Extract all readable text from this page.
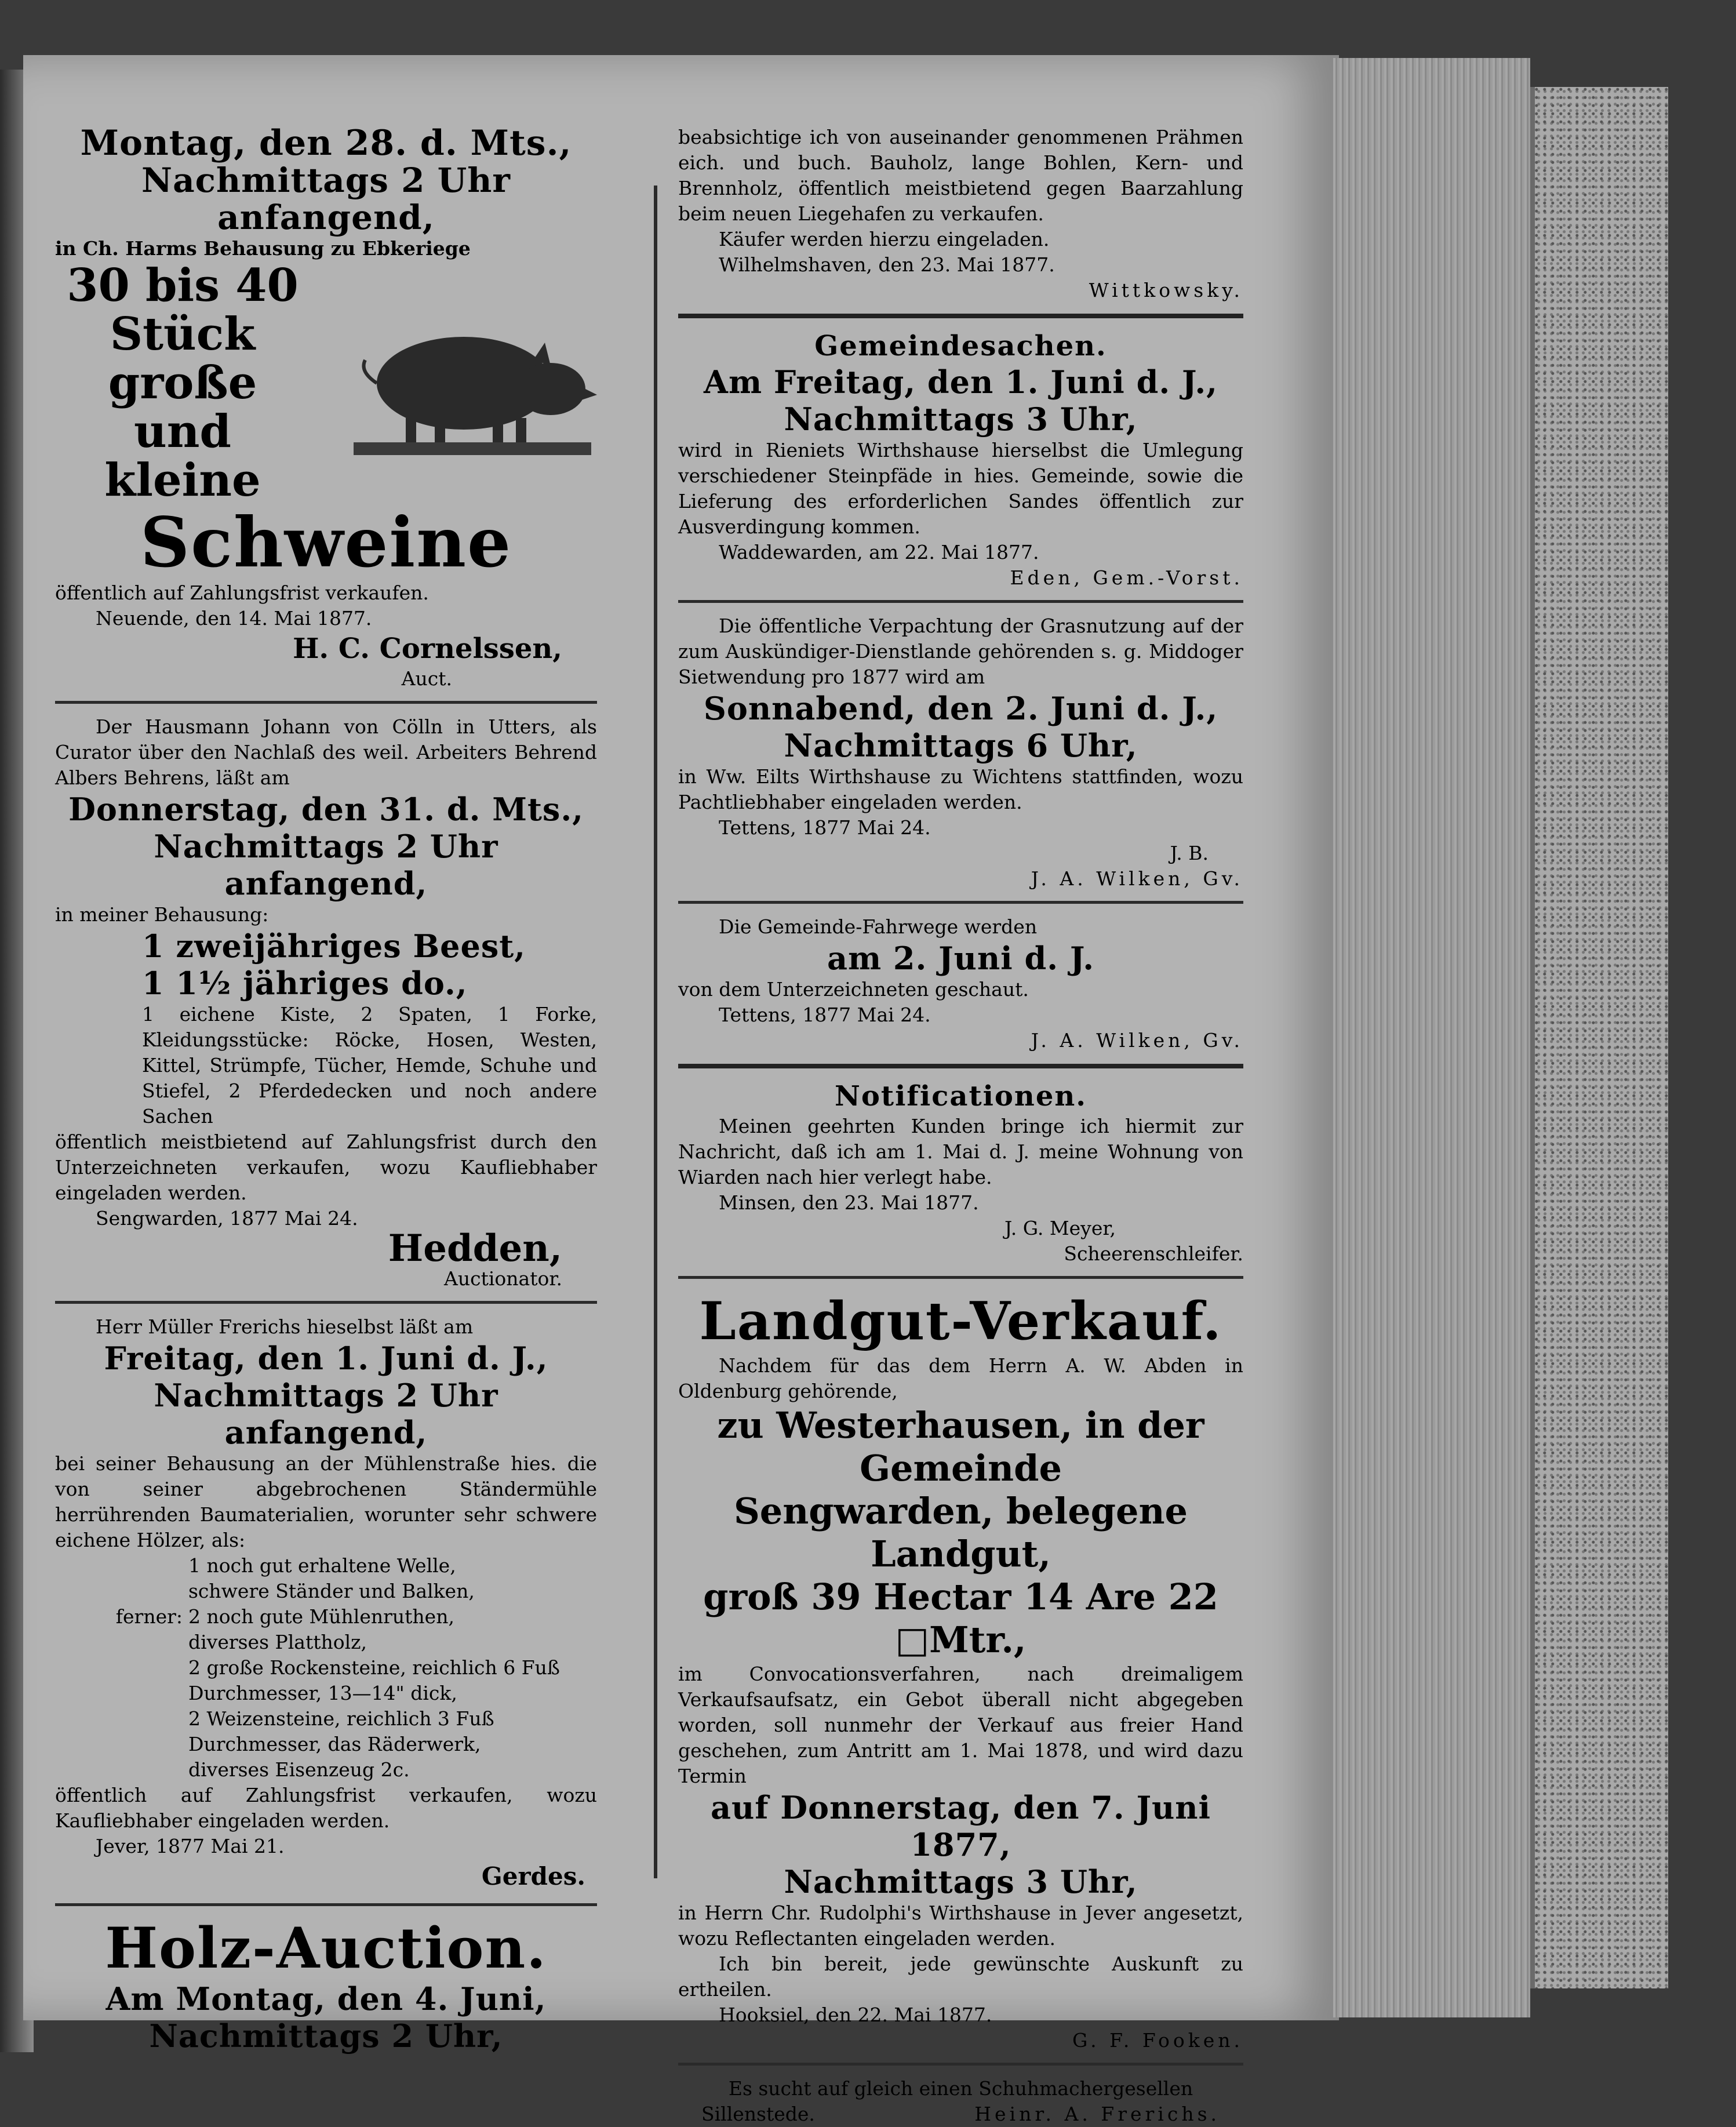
Montag, den 28. d. Mts.,
Nachmittags 2 Uhr anfangend,
in Ch. Harms Behausung zu Ebkeriege
30 bis 40
Stück große
und kleine
Schweine
öffentlich auf Zahlungsfrist verkaufen.
Neuende, den 14. Mai 1877.
H. C. Cornelssen,
Auct.
Der Hausmann Johann von Cölln in Utters, als Curator über den Nachlaß des weil. Arbeiters Behrend Albers Behrens, läßt am
Donnerstag, den 31. d. Mts.,
Nachmittags 2 Uhr anfangend,
in meiner Behausung:
1 zweijähriges Beest,
1 1½ jähriges do.,
1 eichene Kiste, 2 Spaten, 1 Forke, Kleidungsstücke: Röcke, Hosen, Westen, Kittel, Strümpfe, Tücher, Hemde, Schuhe und Stiefel, 2 Pferdedecken und noch andere Sachen
öffentlich meistbietend auf Zahlungsfrist durch den Unterzeichneten verkaufen, wozu Kaufliebhaber eingeladen werden.
Sengwarden, 1877 Mai 24.
Hedden,
Auctionator.
Herr Müller Frerichs hieselbst läßt am
Freitag, den 1. Juni d. J.,
Nachmittags 2 Uhr anfangend,
bei seiner Behausung an der Mühlenstraße hies. die von seiner abgebrochenen Ständermühle herrührenden Baumaterialien, worunter sehr schwere eichene Hölzer, als:
1 noch gut erhaltene Welle,
schwere Ständer und Balken,
ferner: 2 noch gute Mühlenruthen,
diverses Plattholz,
2 große Rockensteine, reichlich 6 Fuß Durchmesser, 13—14" dick,
2 Weizensteine, reichlich 3 Fuß Durchmesser, das Räderwerk,
diverses Eisenzeug 2c.
öffentlich auf Zahlungsfrist verkaufen, wozu Kaufliebhaber eingeladen werden.
Jever, 1877 Mai 21.
Gerdes.
Holz-Auction.
Am Montag, den 4. Juni,
Nachmittags 2 Uhr,
beabsichtige ich von auseinander genommenen Prähmen eich. und buch. Bauholz, lange Bohlen, Kern- und Brennholz, öffentlich meistbietend gegen Baarzahlung beim neuen Liegehafen zu verkaufen.
Käufer werden hierzu eingeladen.
Wilhelmshaven, den 23. Mai 1877.
Wittkowsky.
Gemeindesachen.
Am Freitag, den 1. Juni d. J.,
Nachmittags 3 Uhr,
wird in Rieniets Wirthshause hierselbst die Umlegung verschiedener Steinpfäde in hies. Gemeinde, sowie die Lieferung des erforderlichen Sandes öffentlich zur Ausverdingung kommen.
Waddewarden, am 22. Mai 1877.
Eden, Gem.-Vorst.
Die öffentliche Verpachtung der Grasnutzung auf der zum Auskündiger-Dienstlande gehörenden s. g. Middoger Sietwendung pro 1877 wird am
Sonnabend, den 2. Juni d. J.,
Nachmittags 6 Uhr,
in Ww. Eilts Wirthshause zu Wichtens stattfinden, wozu Pachtliebhaber eingeladen werden.
Tettens, 1877 Mai 24.
J. B.
J. A. Wilken, Gv.
Die Gemeinde-Fahrwege werden
am 2. Juni d. J.
von dem Unterzeichneten geschaut.
Tettens, 1877 Mai 24.
J. A. Wilken, Gv.
Notificationen.
Meinen geehrten Kunden bringe ich hiermit zur Nachricht, daß ich am 1. Mai d. J. meine Wohnung von Wiarden nach hier verlegt habe.
Minsen, den 23. Mai 1877.
J. G. Meyer,
Scheerenschleifer.
Landgut-Verkauf.
Nachdem für das dem Herrn A. W. Abden in Oldenburg gehörende,
zu Westerhausen, in der Gemeinde
Sengwarden, belegene Landgut,
groß 39 Hectar 14 Are 22 □Mtr.,
im Convocationsverfahren, nach dreimaligem Verkaufsaufsatz, ein Gebot überall nicht abgegeben worden, soll nunmehr der Verkauf aus freier Hand geschehen, zum Antritt am 1. Mai 1878, und wird dazu Termin
auf Donnerstag, den 7. Juni 1877,
Nachmittags 3 Uhr,
in Herrn Chr. Rudolphi's Wirthshause in Jever angesetzt, wozu Reflectanten eingeladen werden.
Ich bin bereit, jede gewünschte Auskunft zu ertheilen.
Hooksiel, den 22. Mai 1877.
G. F. Fooken.
Es sucht auf gleich einen Schuhmachergesellen
Sillenstede.	Heinr. A. Frerichs.
